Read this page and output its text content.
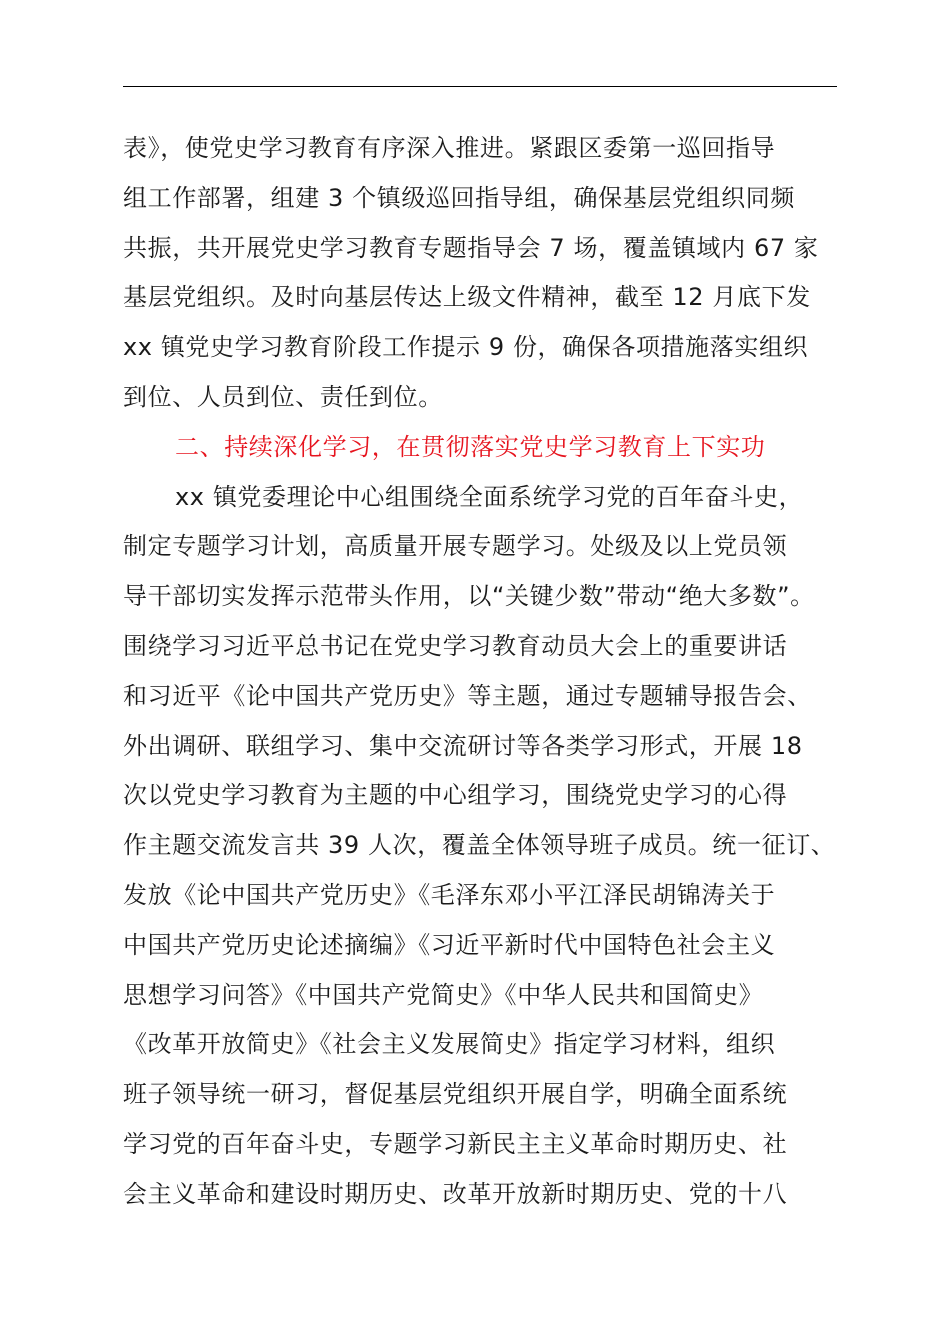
表》，使党史学习教育有序深入推进。紧跟区委第一巡回指导
组工作部署，组建 3 个镇级巡回指导组，确保基层党组织同频
共振，共开展党史学习教育专题指导会 7 场，覆盖镇域内 67 家
基层党组织。及时向基层传达上级文件精神，截至 12 月底下发
xx 镇党史学习教育阶段工作提示 9 份，确保各项措施落实组织
到位、人员到位、责任到位。
二、持续深化学习，在贯彻落实党史学习教育上下实功
xx 镇党委理论中心组围绕全面系统学习党的百年奋斗史，
制定专题学习计划，高质量开展专题学习。处级及以上党员领
导干部切实发挥示范带头作用，以“关键少数”带动“绝大多数”。
围绕学习习近平总书记在党史学习教育动员大会上的重要讲话
和习近平《论中国共产党历史》等主题，通过专题辅导报告会、
外出调研、联组学习、集中交流研讨等各类学习形式，开展 18
次以党史学习教育为主题的中心组学习，围绕党史学习的心得
作主题交流发言共 39 人次，覆盖全体领导班子成员。统一征订、
发放《论中国共产党历史》《毛泽东邓小平江泽民胡锦涛关于
中国共产党历史论述摘编》《习近平新时代中国特色社会主义
思想学习问答》《中国共产党简史》《中华人民共和国简史》
《改革开放简史》《社会主义发展简史》指定学习材料，组织
班子领导统一研习，督促基层党组织开展自学，明确全面系统
学习党的百年奋斗史，专题学习新民主主义革命时期历史、社
会主义革命和建设时期历史、改革开放新时期历史、党的十八
